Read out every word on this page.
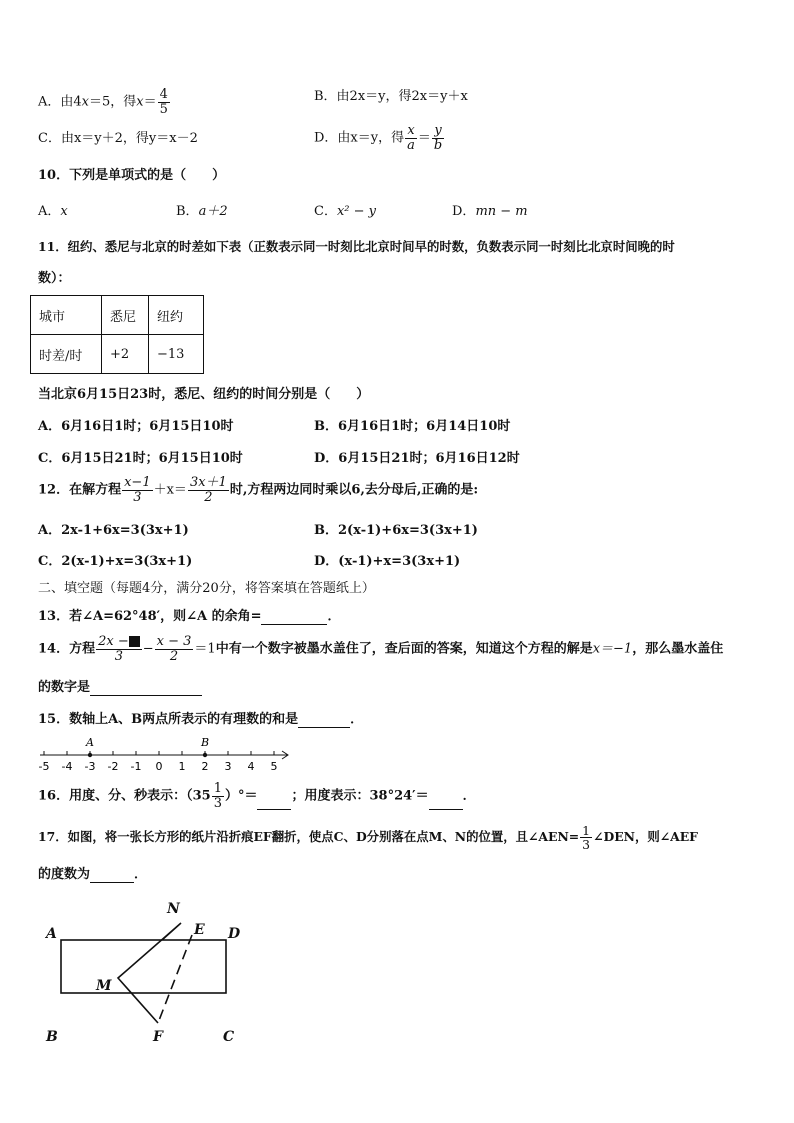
A．由4x＝5，得$x= \frac{4}{5}$	B．由2x＝y，得2x＝y＋x
C．由x＝y＋2，得y＝x－2	D．由x＝y，得 $\frac{x}{a} = \frac{y}{b}$
10．下列是单项式的是（　　）
A．x	B．a＋2	C．x² − y	D．mn − m
11．纽约、悉尼与北京的时差如下表（正数表示同一时刻比北京时间早的时数，负数表示同一时刻比北京时间晚的时
数）：
城市	悉尼	纽约
时差/时	+2	−13
当北京6月15日23时，悉尼、纽约的时间分别是（　　）
A．6月16日1时；6月15日10时	B．6月16日1时；6月14日10时
C．6月15日21时；6月15日10时	D．6月15日21时；6月16日12时
12．在解方程 $\frac{x-1}{3} +x= \frac{3x+1}{2}$ 时,方程两边同时乘以6,去分母后,正确的是:
A．2x-1+6x=3(3x+1)	B．2(x-1)+6x=3(3x+1)
C．2(x-1)+x=3(3x+1)	D．(x-1)+x=3(3x+1)
二、填空题（每题4分，满分20分，将答案填在答题纸上）
13．若∠A=62°48′，则∠A 的余角=	．
14．方程 $\frac{2x -}{3} - \frac{x - 3}{2} =1$中有一个数字被墨水盖住了，查后面的答案，知道这个方程的解是x＝−1，那么墨水盖住
的数字是
15．数轴上A、B两点所表示的有理数的和是	．
-5 -4 -3 -2 -1 0 1 2 3 4 5
A	B
16．用度、分、秒表示：（$35 \frac{1}{3}$ ）°＝	；用度表示：38°24′＝	．
17．如图，将一张长方形的纸片沿折痕EF翻折，使点C、D分别落在点M、N的位置，且∠AEN= $\frac{1}{3}$ ∠DEN，则∠AEF
的度数为	．
A
B	C
D
E
F
M
N
